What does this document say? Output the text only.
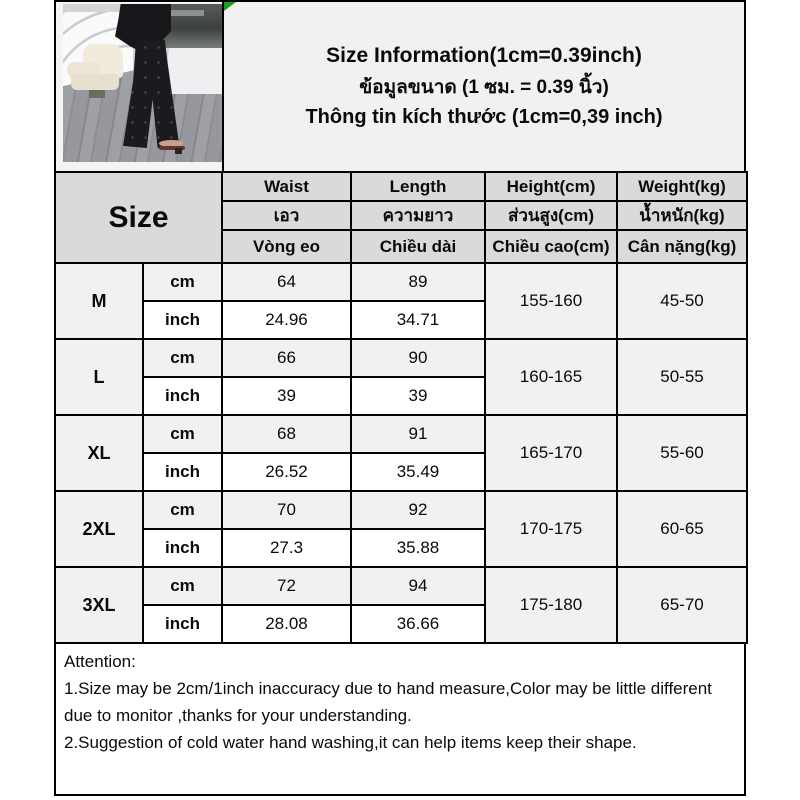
Size Information(1cm=0.39inch)
ข้อมูลขนาด (1 ซม. = 0.39 นิ้ว)
Thông tin kích thước (1cm=0,39 inch)
Size		Waist	Length	Height(cm)	Weight(kg)
		เอว	ความยาว	ส่วนสูง(cm)	น้ำหนัก(kg)
		Vòng eo	Chiều dài	Chiều cao(cm)	Cân nặng(kg)
M	cm	64	89	155-160	45-50
	inch	24.96	34.71		
L	cm	66	90	160-165	50-55
	inch	39	39		
XL	cm	68	91	165-170	55-60
	inch	26.52	35.49		
2XL	cm	70	92	170-175	60-65
	inch	27.3	35.88		
3XL	cm	72	94	175-180	65-70
	inch	28.08	36.66		
Attention:
1.Size may be 2cm/1inch inaccuracy due to hand measure,Color may be little different due to monitor ,thanks for your understanding.
2.Suggestion of cold water hand washing,it can help items keep their shape.
